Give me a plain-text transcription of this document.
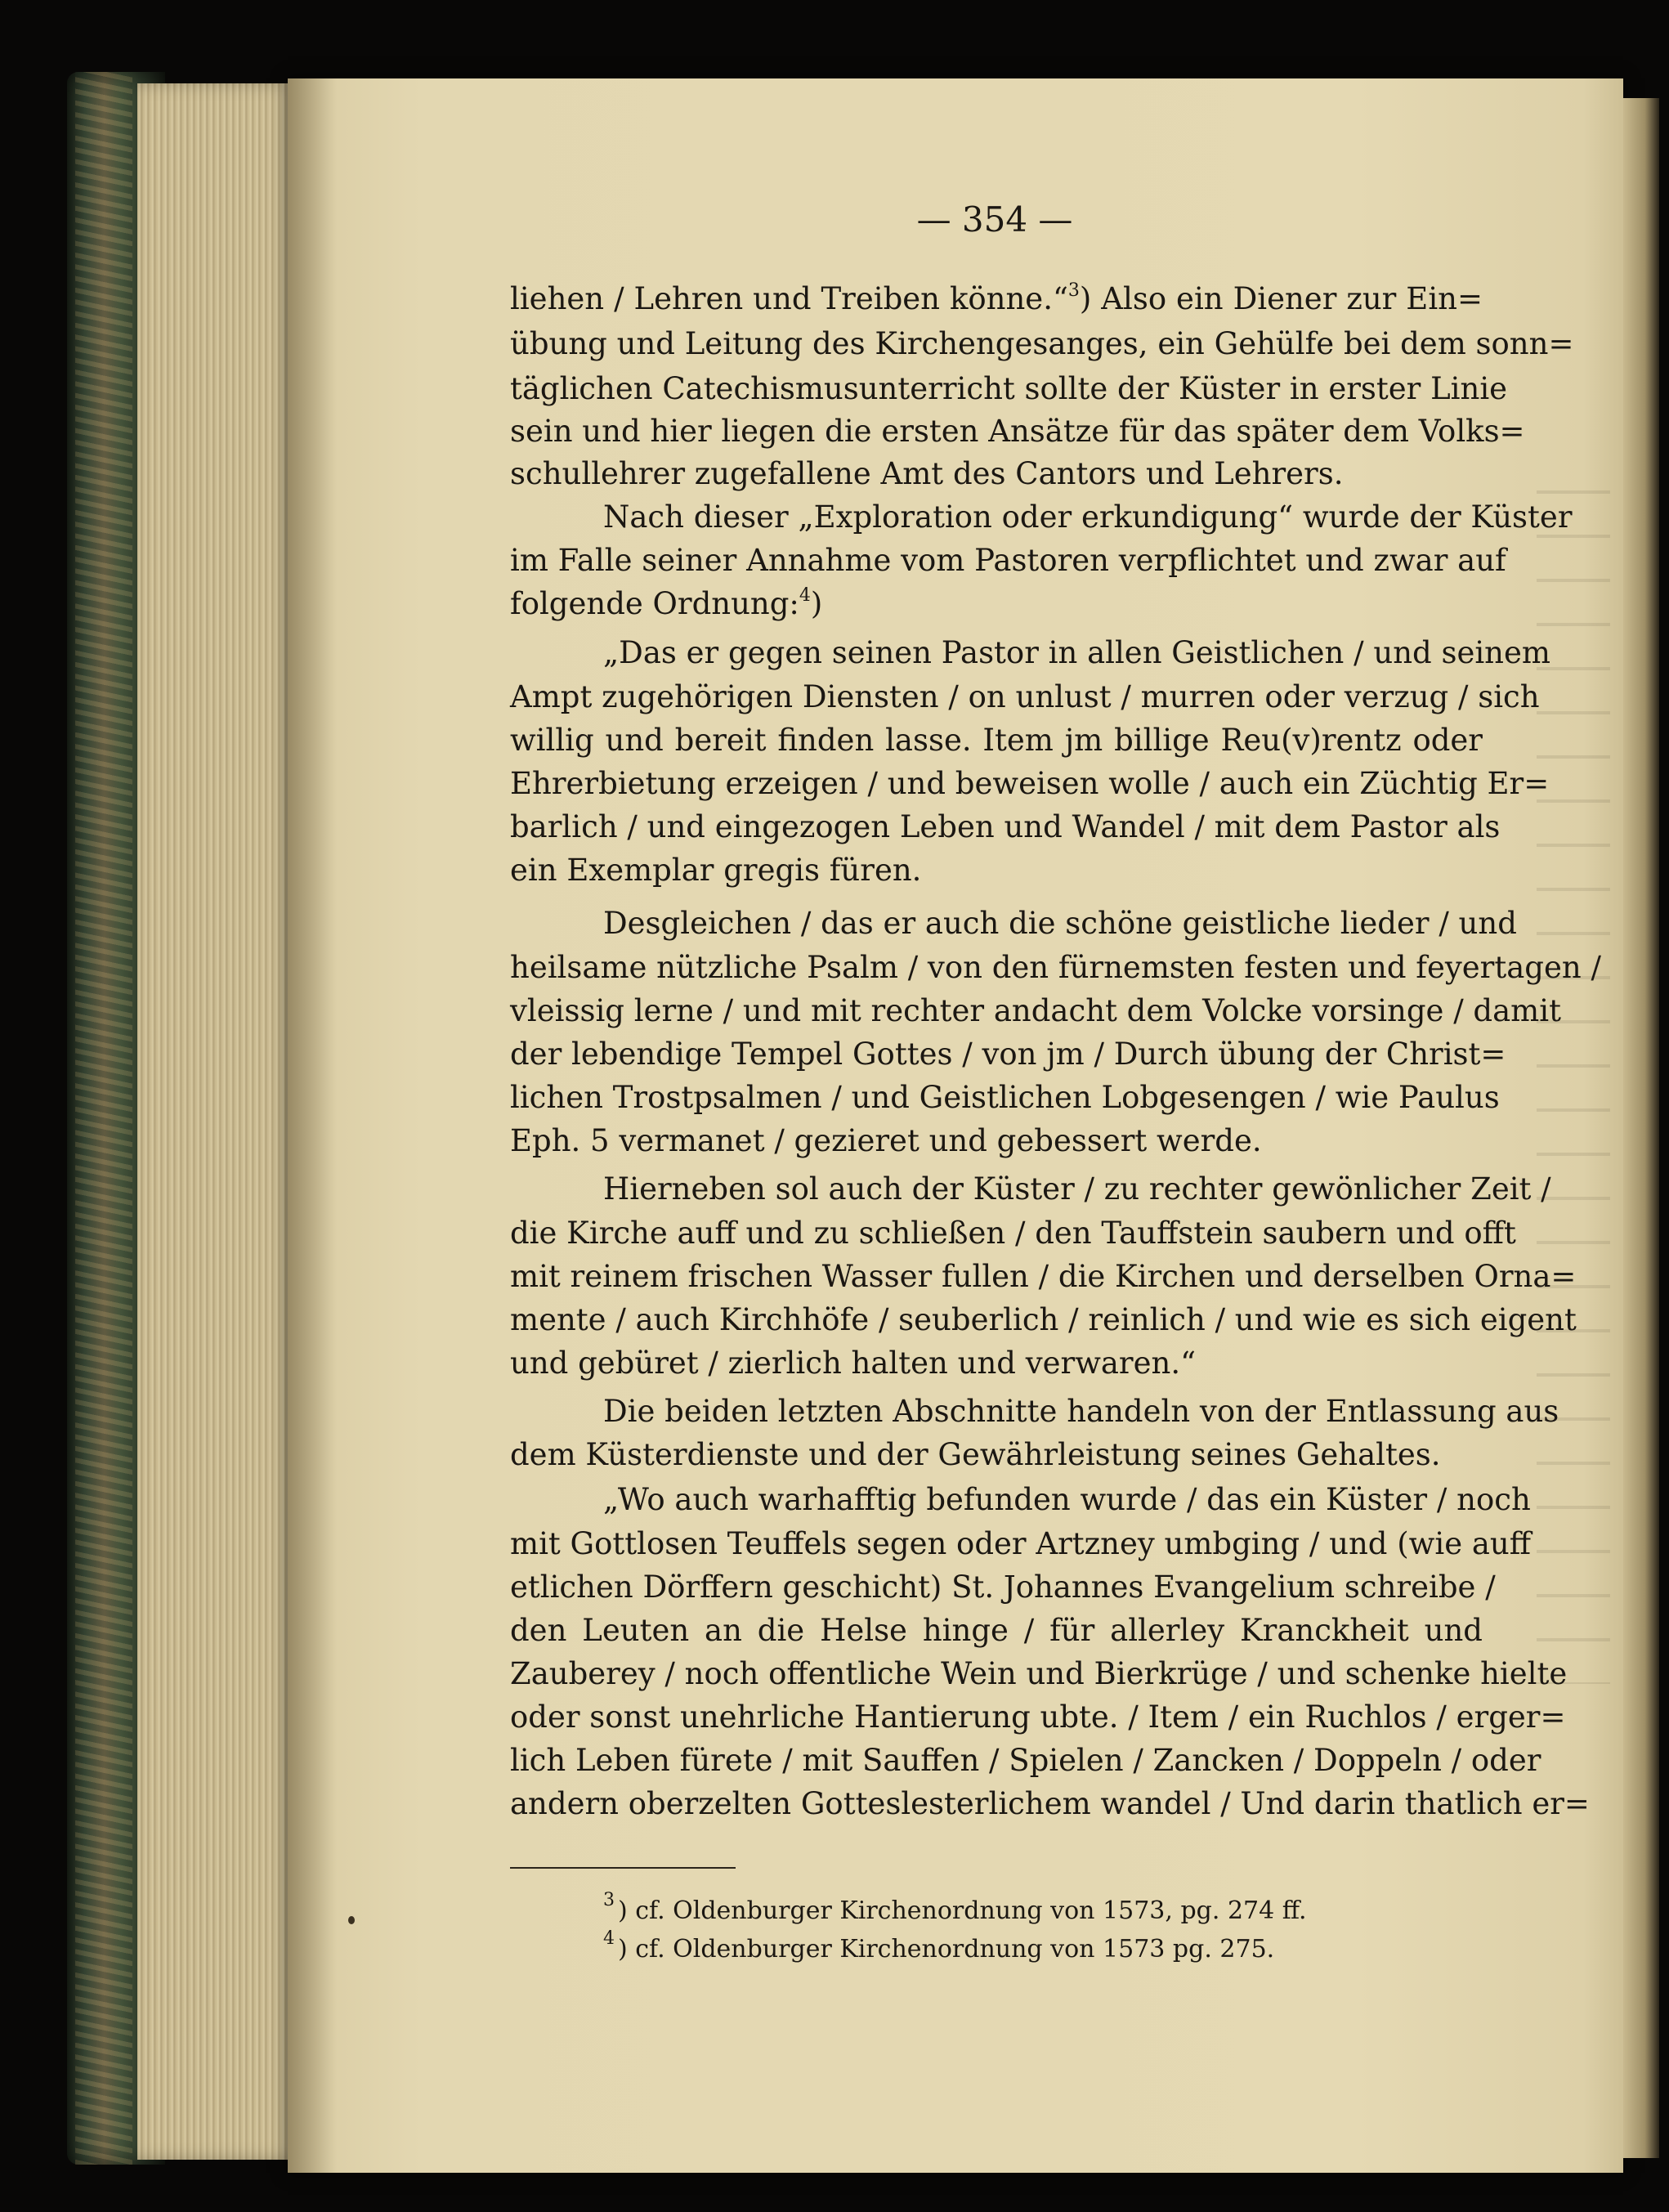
— 354 —
liehen / Lehren und Treiben könne.“$^3$) Also ein Diener zur Ein=
übung und Leitung des Kirchengesanges, ein Gehülfe bei dem sonn=
täglichen Catechismusunterricht sollte der Küster in erster Linie
sein und hier liegen die ersten Ansätze für das später dem Volks=
schullehrer zugefallene Amt des Cantors und Lehrers.
Nach dieser „Exploration oder erkundigung“ wurde der Küster
im Falle seiner Annahme vom Pastoren verpflichtet und zwar auf
folgende Ordnung:$^4$)
„Das er gegen seinen Pastor in allen Geistlichen / und seinem
Ampt zugehörigen Diensten / on unlust / murren oder verzug / sich
willig und bereit finden lasse. Item jm billige Reu(v)rentz oder
Ehrerbietung erzeigen / und beweisen wolle / auch ein Züchtig Er=
barlich / und eingezogen Leben und Wandel / mit dem Pastor als
ein Exemplar gregis füren.
Desgleichen / das er auch die schöne geistliche lieder / und
heilsame nützliche Psalm / von den fürnemsten festen und feyertagen /
vleissig lerne / und mit rechter andacht dem Volcke vorsinge / damit
der lebendige Tempel Gottes / von jm / Durch übung der Christ=
lichen Trostpsalmen / und Geistlichen Lobgesengen / wie Paulus
Eph. 5 vermanet / gezieret und gebessert werde.
Hierneben sol auch der Küster / zu rechter gewönlicher Zeit /
die Kirche auff und zu schließen / den Tauffstein saubern und offt
mit reinem frischen Wasser fullen / die Kirchen und derselben Orna=
mente / auch Kirchhöfe / seuberlich / reinlich / und wie es sich eigent
und gebüret / zierlich halten und verwaren.“
Die beiden letzten Abschnitte handeln von der Entlassung aus
dem Küsterdienste und der Gewährleistung seines Gehaltes.
„Wo auch warhafftig befunden wurde / das ein Küster / noch
mit Gottlosen Teuffels segen oder Artzney umbging / und (wie auff
etlichen Dörffern geschicht) St. Johannes Evangelium schreibe /
den Leuten an die Helse hinge / für allerley Kranckheit und
Zauberey / noch offentliche Wein und Bierkrüge / und schenke hielte
oder sonst unehrliche Hantierung ubte. / Item / ein Ruchlos / erger=
lich Leben fürete / mit Sauffen / Spielen / Zancken / Doppeln / oder
andern oberzelten Gotteslesterlichem wandel / Und darin thatlich er=
$^3$ ) cf. Oldenburger Kirchenordnung von 1573, pg. 274 ff.
$^4$ ) cf. Oldenburger Kirchenordnung von 1573 pg. 275.
